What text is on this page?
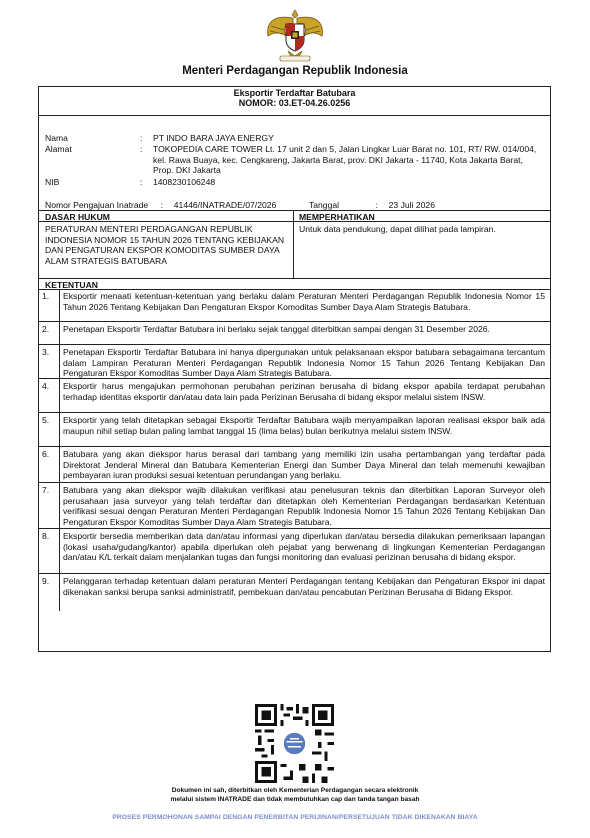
Menteri Perdagangan Republik Indonesia
Eksportir Terdaftar Batubara
NOMOR: 03.ET-04.26.0256
Nama	: PT INDO BARA JAYA ENERGY
Alamat	: TOKOPEDIA CARE TOWER Lt. 17 unit 2 dan 5, Jalan Lingkar Luar Barat no. 101, RT/ RW. 014/004, kel. Rawa Buaya, kec. Cengkareng, Jakarta Barat, prov. DKI Jakarta - 11740, Kota Jakarta Barat, Prop. DKI Jakarta
NIB	: 1408230106248
Nomor Pengajuan Inatrade :  41446/INATRADE/07/2026	Tanggal	:  23 Juli 2026
DASAR HUKUM	MEMPERHATIKAN
PERATURAN MENTERI PERDAGANGAN REPUBLIK INDONESIA NOMOR 15 TAHUN 2026 TENTANG KEBIJAKAN DAN PENGATURAN EKSPOR KOMODITAS SUMBER DAYA ALAM STRATEGIS BATUBARA
Untuk data pendukung, dapat dilihat pada lampiran.
KETENTUAN
1. Eksportir menaati ketentuan-ketentuan yang berlaku dalam Peraturan Menteri Perdagangan Republik Indonesia Nomor 15 Tahun 2026 Tentang Kebijakan Dan Pengaturan Ekspor Komoditas Sumber Daya Alam Strategis Batubara.
2. Penetapan Eksportir Terdaftar Batubara ini berlaku sejak tanggal diterbitkan sampai dengan 31 Desember 2026.
3. Penetapan Eksportir Terdaftar Batubara ini hanya dipergunakan untuk pelaksanaan ekspor batubara sebagaimana tercantum dalam Lampiran Peraturan Menteri Perdagangan Republik Indonesia Nomor 15 Tahun 2026 Tentang Kebijakan Dan Pengaturan Ekspor Komoditas Sumber Daya Alam Strategis Batubara.
4. Eksportir harus mengajukan permohonan perubahan perizinan berusaha di bidang ekspor apabila terdapat perubahan terhadap identitas eksportir dan/atau data lain pada Perizinan Berusaha di bidang ekspor melalui sistem INSW.
5. Eksportir yang telah ditetapkan sebagai Eksportir Terdaftar Batubara wajib menyampaikan laporan realisasi ekspor baik ada maupun nihil setiap bulan paling lambat tanggal 15 (lima belas) bulan berikutnya melalui sistem INSW.
6. Batubara yang akan diekspor harus berasal dari tambang yang memiliki izin usaha pertambangan yang terdaftar pada Direktorat Jenderal Mineral dan Batubara Kementerian Energi dan Sumber Daya Mineral dan telah memenuhi kewajiban pembayaran iuran produksi sesuai ketentuan perundangan yang berlaku.
7. Batubara yang akan diekspor wajib dilakukan verifikasi atau penelusuran teknis dan diterbitkan Laporan Surveyor oleh perusahaan jasa surveyor yang telah terdaftar dan ditetapkan oleh Kementerian Perdagangan berdasarkan Ketentuan verifikasi sesuai dengan Peraturan Menteri Perdagangan Republik Indonesia Nomor 15 Tahun 2026 Tentang Kebijakan Dan Pengaturan Ekspor Komoditas Sumber Daya Alam Strategis Batubara.
8. Eksportir bersedia memberikan data dan/atau informasi yang diperlukan dan/atau bersedia dilakukan pemeriksaan lapangan (lokasi usaha/gudang/kantor) apabila diperlukan oleh pejabat yang berwenang di lingkungan Kementerian Perdagangan dan/atau K/L terkait dalam menjalankan tugas dan fungsi monitoring dan evaluasi perizinan berusaha di bidang ekspor.
9. Pelanggaran terhadap ketentuan dalam peraturan Menteri Perdagangan tentang Kebijakan dan Pengaturan Ekspor ini dapat dikenakan sanksi berupa sanksi administratif, pembekuan dan/atau pencabutan Perizinan Berusaha di Bidang Ekspor.
Dokumen ini sah, diterbitkan oleh Kementerian Perdagangan secara elektronik
melalui sistem INATRADE dan tidak membutuhkan cap dan tanda tangan basah
PROSES PERMOHONAN SAMPAI DENGAN PENERBITAN PERIJINAN/PERSETUJUAN TIDAK DIKENAKAN BIAYA
